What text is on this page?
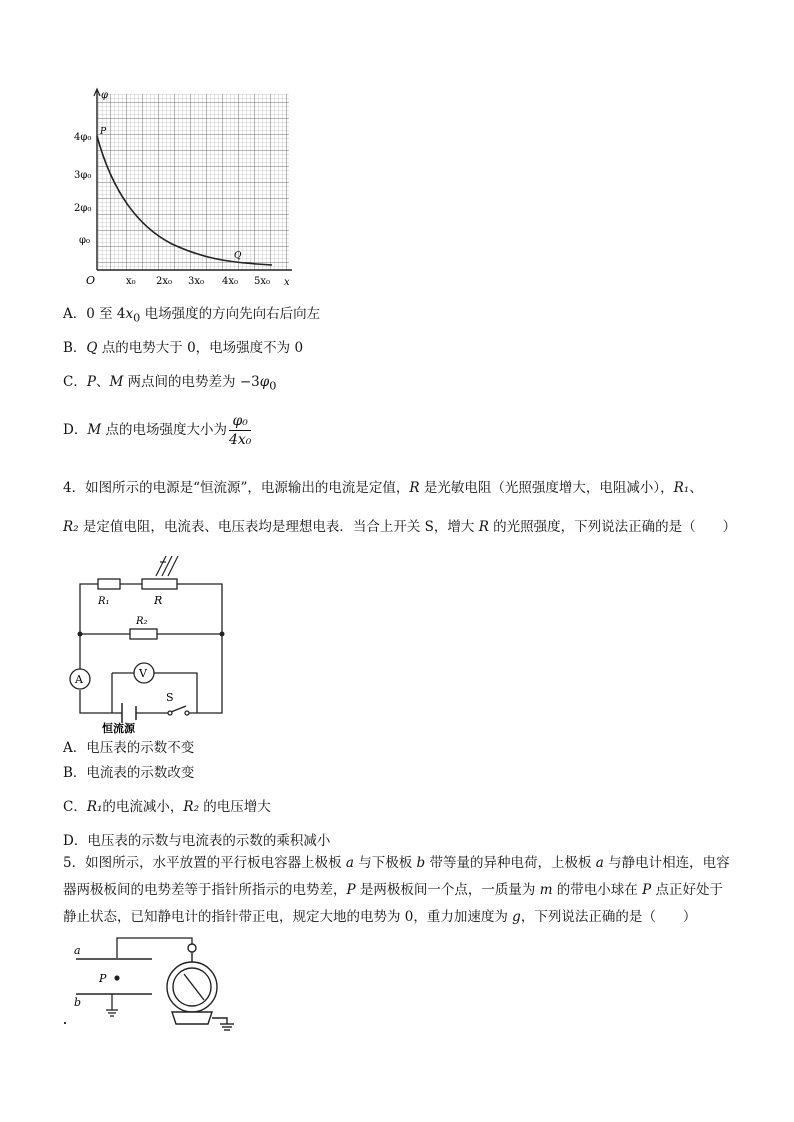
φ
x
O
4φ₀
3φ₀
2φ₀
φ₀
x₀ 2x₀ 3x₀ 4x₀ 5x₀
P
Q
A．0 至 $4x_0$ 电场强度的方向先向右后向左
B．Q 点的电势大于 0，电场强度不为 0
C．P、M 两点间的电势差为 $-3\varphi_0$
D．M 点的电场强度大小为 $\frac{\text{φ₀}}{\text{4x₀}}$
4．如图所示的电源是“恒流源”，电源输出的电流是定值，R 是光敏电阻（光照强度增大，电阻减小），R₁、
R₂ 是定值电阻，电流表、电压表均是理想电表．当合上开关 S，增大 R 的光照强度，下列说法正确的是（　　）
A	V
R₁	R
R₂
S
恒流源
A．电压表的示数不变
B．电流表的示数改变
C．R₁的电流减小，R₂ 的电压增大
D．电压表的示数与电流表的示数的乘积减小
5．如图所示，水平放置的平行板电容器上极板 a 与下极板 b 带等量的异种电荷，上极板 a 与静电计相连，电容器两极板间的电势差等于指针所指示的电势差，P 是两极板间一个点，一质量为 m 的带电小球在 P 点正好处于静止状态，已知静电计的指针带正电，规定大地的电势为 0，重力加速度为 g，下列说法正确的是（　　）
a
b
P
